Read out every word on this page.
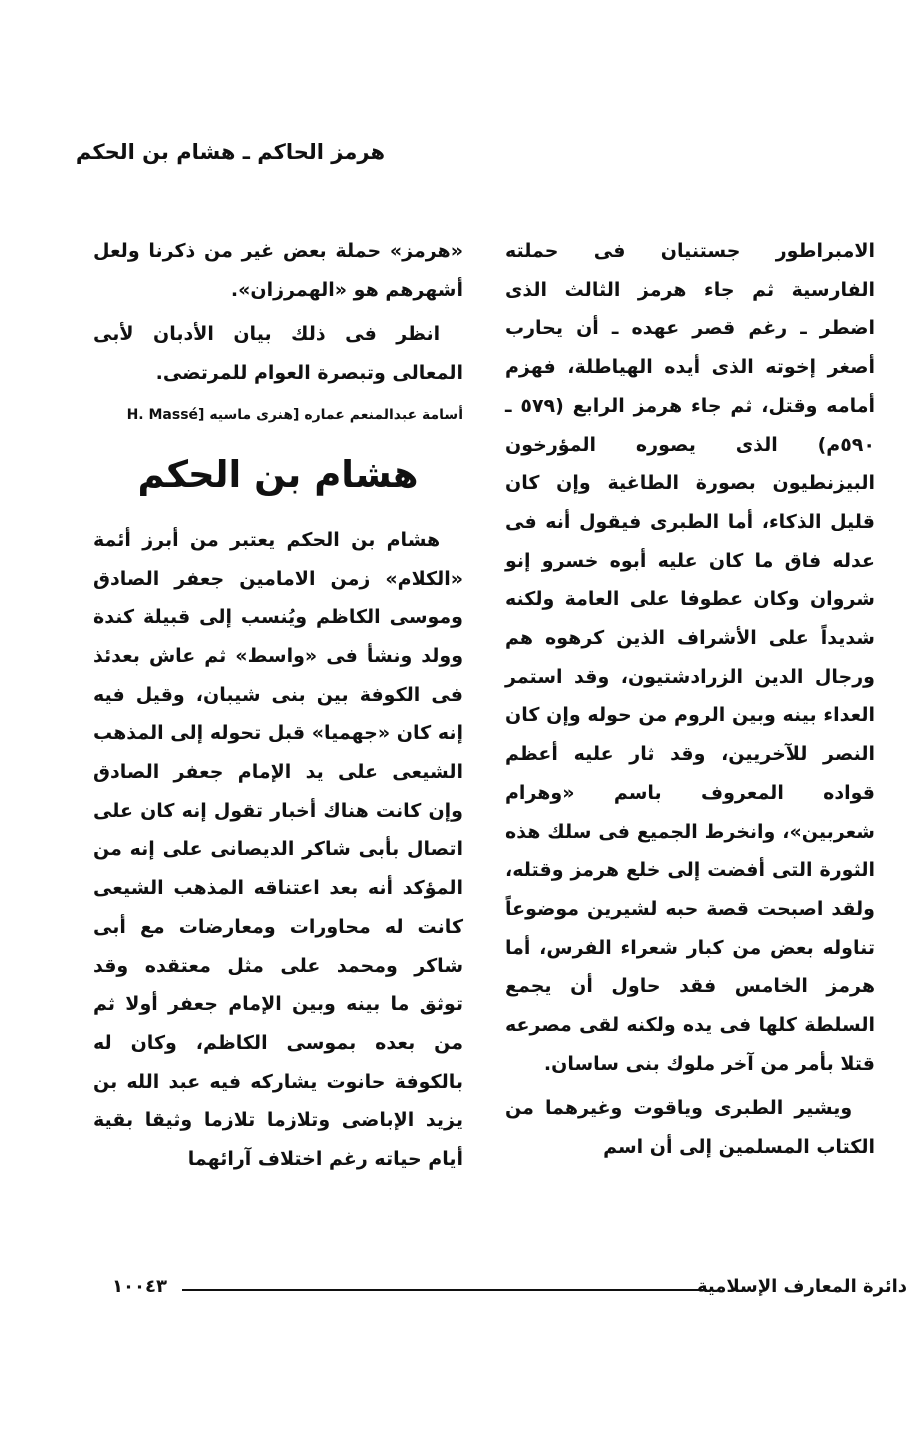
هرمز الحاكم ـ هشام بن الحكم

الامبراطور جستنيان فى حملته الفارسية ثم جاء هرمز الثالث الذى اضطر ـ رغم قصر عهده ـ أن يحارب أصغر إخوته الذى أيده الهياطلة، فهزم أمامه وقتل، ثم جاء هرمز الرابع (٥٧٩ ـ ٥٩٠م) الذى يصوره المؤرخون البيزنطيون بصورة الطاغية وإن كان قليل الذكاء، أما الطبرى فيقول أنه فى عدله فاق ما كان عليه أبوه خسرو إنو شروان وكان عطوفا على العامة ولكنه شديداً على الأشراف الذين كرهوه هم ورجال الدين الزرادشتيون، وقد استمر العداء بينه وبين الروم من حوله وإن كان النصر للآخريين، وقد ثار عليه أعظم قواده المعروف باسم «وهرام شعربين»، وانخرط الجميع فى سلك هذه الثورة التى أفضت إلى خلع هرمز وقتله، ولقد اصبحت قصة حبه لشيرين موضوعاً تناوله بعض من كبار شعراء الفرس، أما هرمز الخامس فقد حاول أن يجمع السلطة كلها فى يده ولكنه لقى مصرعه قتلا بأمر من آخر ملوك بنى ساسان.

ويشير الطبرى وياقوت وغيرهما من الكتاب المسلمين إلى أن اسم

«هرمز» حملة بعض غير من ذكرنا ولعل أشهرهم هو «الهمرزان».

انظر فى ذلك بيان الأدبان لأبى المعالى وتبصرة العوام للمرتضى.

أسامة عبدالمنعم عماره [هنرى ماسيه H. Massé]

هشام بن الحكم

هشام بن الحكم يعتبر من أبرز أئمة «الكلام» زمن الامامين جعفر الصادق وموسى الكاظم ويُنسب إلى قبيلة كندة وولد ونشأ فى «واسط» ثم عاش بعدئذ فى الكوفة بين بنى شيبان، وقيل فيه إنه كان «جهميا» قبل تحوله إلى المذهب الشيعى على يد الإمام جعفر الصادق وإن كانت هناك أخبار تقول إنه كان على اتصال بأبى شاكر الديصانى على إنه من المؤكد أنه بعد اعتناقه المذهب الشيعى كانت له محاورات ومعارضات مع أبى شاكر ومحمد على مثل معتقده وقد توثق ما بينه وبين الإمام جعفر أولا ثم من بعده بموسى الكاظم، وكان له بالكوفة حانوت يشاركه فيه عبد الله بن يزيد الإباضى وتلازما تلازما وثيقا بقية أيام حياته رغم اختلاف آرائهما

دائرة المعارف الإسلامية
١٠٠٤٣
